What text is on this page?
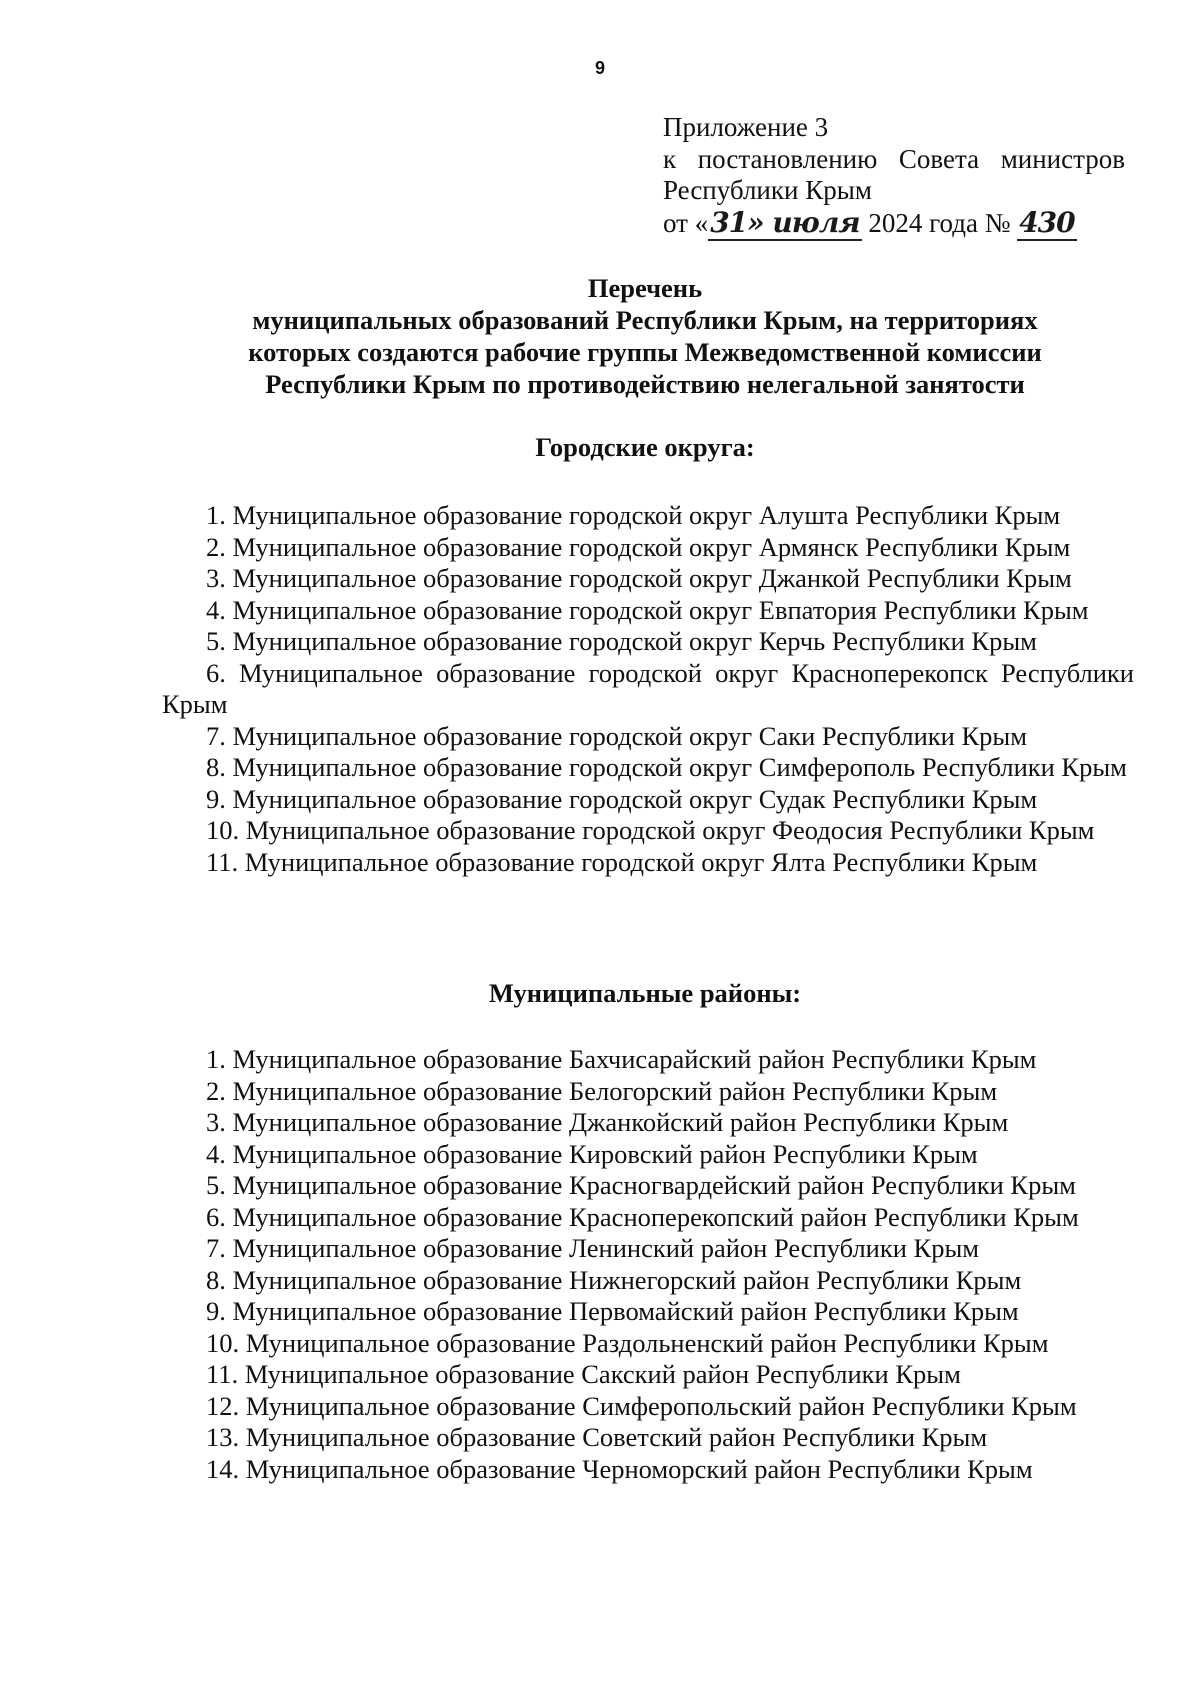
9
Приложение 3
к постановлению Совета министров
Республики Крым
от «31» июля 2024 года № 430
Перечень
муниципальных образований Республики Крым, на территориях
которых создаются рабочие группы Межведомственной комиссии
Республики Крым по противодействию нелегальной занятости
Городские округа:
1. Муниципальное образование городской округ Алушта Республики Крым
2. Муниципальное образование городской округ Армянск Республики Крым
3. Муниципальное образование городской округ Джанкой Республики Крым
4. Муниципальное образование городской округ Евпатория Республики Крым
5. Муниципальное образование городской округ Керчь Республики Крым
6. Муниципальное образование городской округ Красноперекопск Республики Крым
7. Муниципальное образование городской округ Саки Республики Крым
8. Муниципальное образование городской округ Симферополь Республики Крым
9. Муниципальное образование городской округ Судак Республики Крым
10. Муниципальное образование городской округ Феодосия Республики Крым
11. Муниципальное образование городской округ Ялта Республики Крым
Муниципальные районы:
1. Муниципальное образование Бахчисарайский район Республики Крым
2. Муниципальное образование Белогорский район Республики Крым
3. Муниципальное образование Джанкойский район Республики Крым
4. Муниципальное образование Кировский район Республики Крым
5. Муниципальное образование Красногвардейский район Республики Крым
6. Муниципальное образование Красноперекопский район Республики Крым
7. Муниципальное образование Ленинский район Республики Крым
8. Муниципальное образование Нижнегорский район Республики Крым
9. Муниципальное образование Первомайский район Республики Крым
10. Муниципальное образование Раздольненский район Республики Крым
11. Муниципальное образование Сакский район Республики Крым
12. Муниципальное образование Симферопольский район Республики Крым
13. Муниципальное образование Советский район Республики Крым
14. Муниципальное образование Черноморский район Республики Крым
